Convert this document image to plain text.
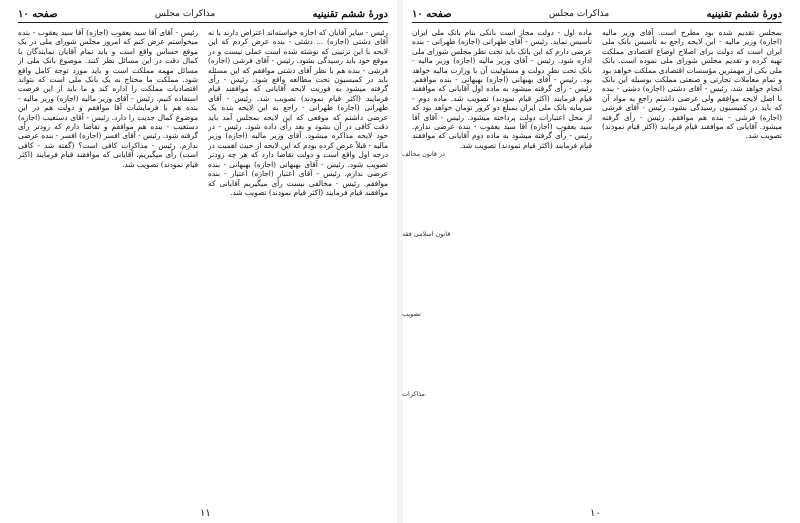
دورهٔ ششم تقنینیه
مذاکرات مجلس
صفحه ۱۰

رئیس - سایر آقایان که اجازه خواسته‌اند اعتراض دارند یا نه آقای دشتی (اجازه) ... دشتی - بنده عرض کردم که این لایحه با این ترتیبی که نوشته شده است عملی نیست و در موقع خود باید رسیدگی بشود. رئیس - آقای فرشی (اجازه) فرشی - بنده هم با نظر آقای دشتی موافقم که این مسئله باید در کمیسیون تحت مطالعه واقع شود. رئیس - رأی گرفته میشود به فوریت لایحه آقایانی که موافقند قیام فرمایند (اکثر قیام نمودند) تصویب شد. رئیس - آقای طهرانی (اجازه) طهرانی - راجع به این لایحه بنده یک عرضی داشتم که موقعی که این لایحه بمجلس آمد باید دقت کافی در آن بشود و بعد رأی داده شود. رئیس - در خود لایحه مذاکره میشود. آقای وزیر مالیه (اجازه) وزیر مالیه - قبلاً عرض کرده بودم که این لایحه از حیث اهمیت در درجه اول واقع است و دولت تقاضا دارد که هر چه زودتر تصویب شود. رئیس - آقای بهبهانی (اجازه) بهبهانی - بنده عرضی ندارم. رئیس - آقای اعتبار (اجازه) اعتبار - بنده موافقم. رئیس - مخالفی نیست رأی میگیریم آقایانی که موافقند قیام فرمایند (اکثر قیام نمودند) تصویب شد.

رئیس - آقای آقا سید یعقوب (اجازه) آقا سید یعقوب - بنده میخواستم عرض کنم که امروز مجلس شورای ملی در یک موقع حساس واقع است و باید تمام آقایان نمایندگان با کمال دقت در این مسائل نظر کنند. موضوع بانک ملی از مسائل مهمه مملکت است و باید مورد توجه کامل واقع شود. مملکت ما محتاج به یک بانک ملی است که بتواند اقتصادیات مملکت را اداره کند و ما باید از این فرصت استفاده کنیم. رئیس - آقای وزیر مالیه (اجازه) وزیر مالیه - بنده هم با فرمایشات آقا موافقم و دولت هم در این موضوع کمال جدیت را دارد. رئیس - آقای دستغیب (اجازه) دستغیب - بنده هم موافقم و تقاضا دارم که زودتر رأی گرفته شود. رئیس - آقای افسر (اجازه) افسر - بنده عرضی ندارم. رئیس - مذاکرات کافی است؟ (گفته شد - کافی است) رأی میگیریم. آقایانی که موافقند قیام فرمایند (اکثر قیام نمودند) تصویب شد.

۱۱
دورهٔ ششم تقنینیه
مذاکرات مجلس
صفحه ۱۰

بمجلس تقدیم شده بود مطرح است. آقای وزیر مالیه (اجازه) وزیر مالیه - این لایحه راجع به تأسیس بانک ملی ایران است که دولت برای اصلاح اوضاع اقتصادی مملکت تهیه کرده و تقدیم مجلس شورای ملی نموده است. بانک ملی یکی از مهمترین مؤسسات اقتصادی مملکت خواهد بود و تمام معاملات تجارتی و صنعتی مملکت بوسیله این بانک انجام خواهد شد. رئیس - آقای دشتی (اجازه) دشتی - بنده با اصل لایحه موافقم ولی عرضی داشتم راجع به مواد آن که باید در کمیسیون رسیدگی بشود. رئیس - آقای فرشی (اجازه) فرشی - بنده هم موافقم. رئیس - رأی گرفته میشود. آقایانی که موافقند قیام فرمایند (اکثر قیام نمودند) تصویب شد.

ماده اول - دولت مجاز است بانکی بنام بانک ملی ایران تأسیس نماید. رئیس - آقای طهرانی (اجازه) طهرانی - بنده عرضی دارم که این بانک باید تحت نظر مجلس شورای ملی اداره شود. رئیس - آقای وزیر مالیه (اجازه) وزیر مالیه - بانک تحت نظر دولت و مسئولیت آن با وزارت مالیه خواهد بود. رئیس - آقای بهبهانی (اجازه) بهبهانی - بنده موافقم. رئیس - رأی گرفته میشود به ماده اول آقایانی که موافقند قیام فرمایند (اکثر قیام نمودند) تصویب شد. ماده دوم - سرمایه بانک ملی ایران بمبلغ دو کرور تومان خواهد بود که از محل اعتبارات دولت پرداخته میشود. رئیس - آقای آقا سید یعقوب (اجازه) آقا سید یعقوب - بنده عرضی ندارم. رئیس - رأی گرفته میشود به ماده دوم آقایانی که موافقند قیام فرمایند (اکثر قیام نمودند) تصویب شد.

۱۰
در قانون مخالف
قانون اسلامی فقه
تصویب
مذاکرات
